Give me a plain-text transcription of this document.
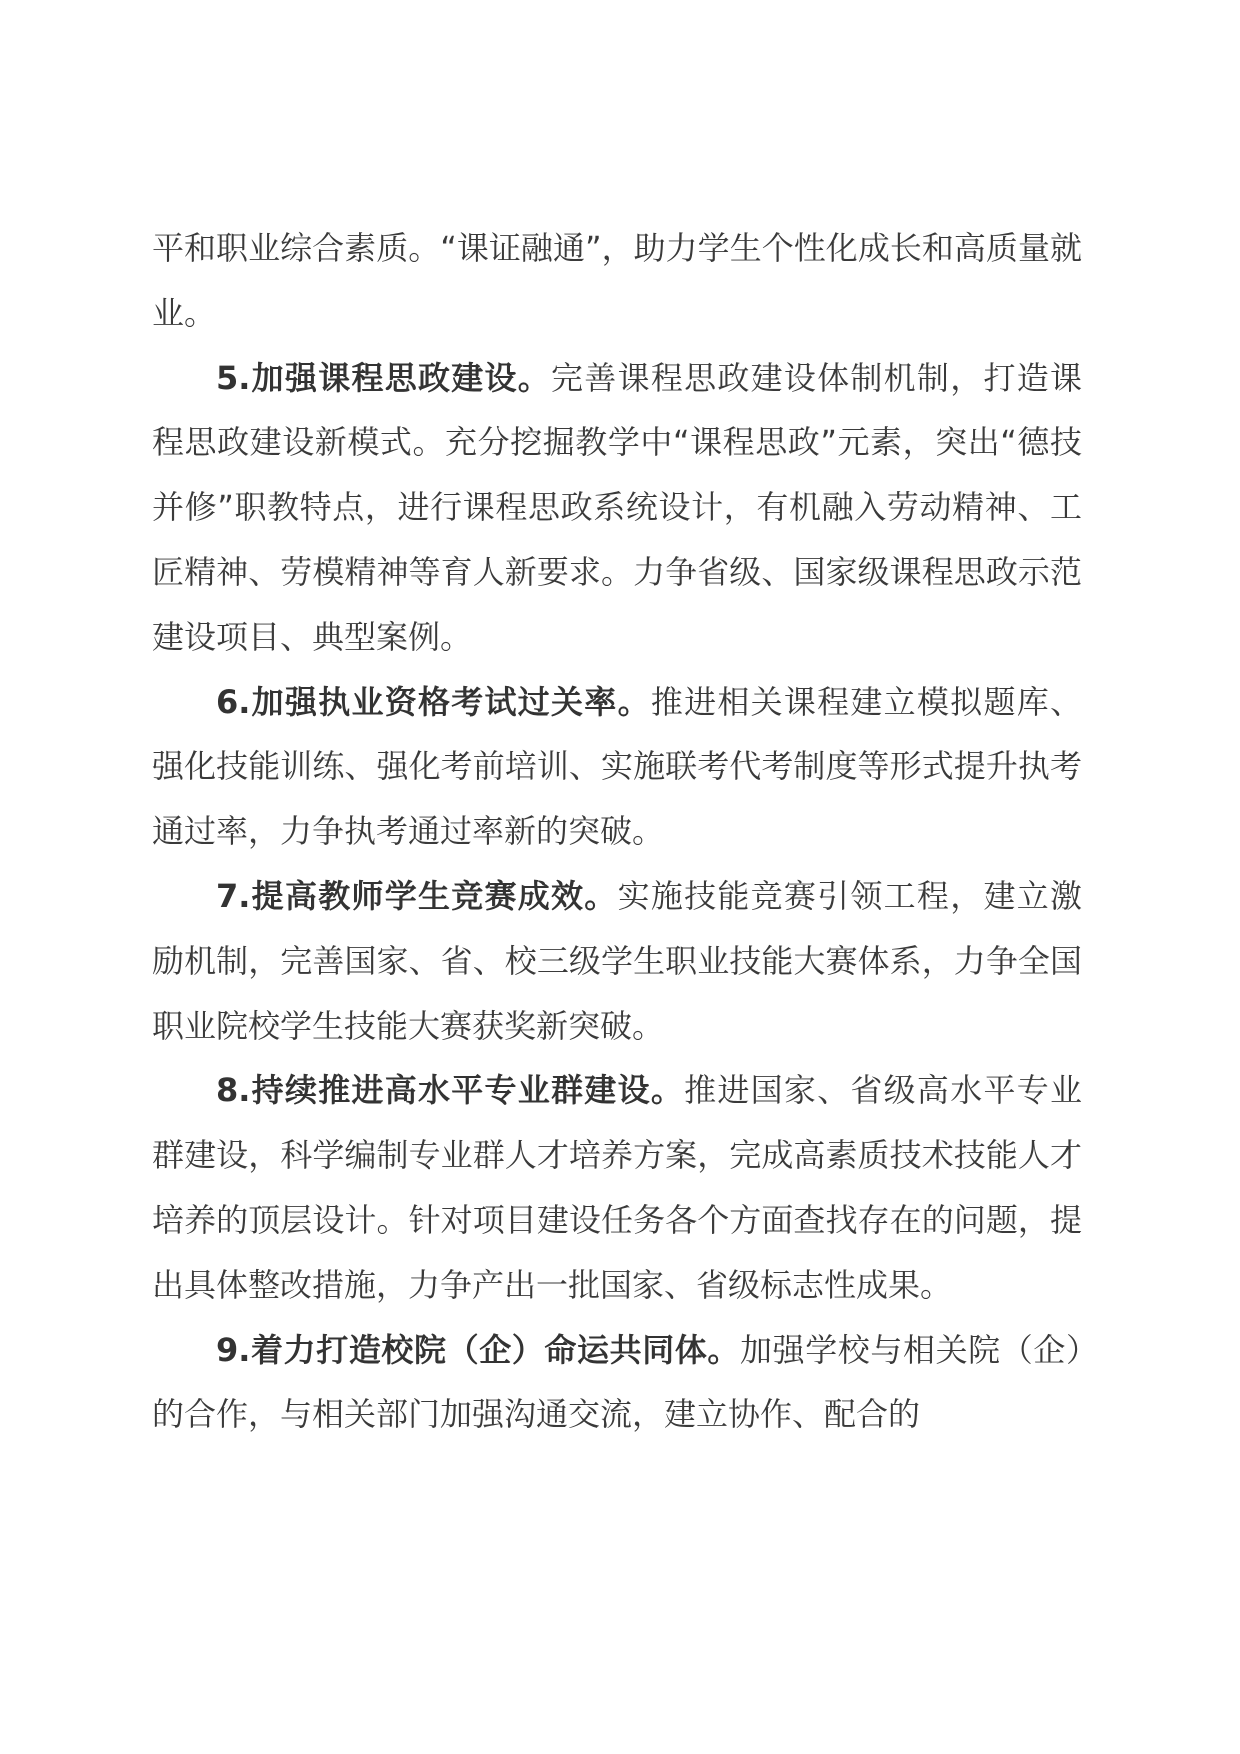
平和职业综合素质。“课证融通”，助力学生个性化成长和高质量就业。

5.加强课程思政建设。完善课程思政建设体制机制，打造课程思政建设新模式。充分挖掘教学中“课程思政”元素，突出“德技并修”职教特点，进行课程思政系统设计，有机融入劳动精神、工匠精神、劳模精神等育人新要求。力争省级、国家级课程思政示范建设项目、典型案例。

6.加强执业资格考试过关率。推进相关课程建立模拟题库、强化技能训练、强化考前培训、实施联考代考制度等形式提升执考通过率，力争执考通过率新的突破。

7.提高教师学生竞赛成效。实施技能竞赛引领工程，建立激励机制，完善国家、省、校三级学生职业技能大赛体系，力争全国职业院校学生技能大赛获奖新突破。

8.持续推进高水平专业群建设。推进国家、省级高水平专业群建设，科学编制专业群人才培养方案，完成高素质技术技能人才培养的顶层设计。针对项目建设任务各个方面查找存在的问题，提出具体整改措施，力争产出一批国家、省级标志性成果。

9.着力打造校院（企）命运共同体。加强学校与相关院（企）的合作，与相关部门加强沟通交流，建立协作、配合的
